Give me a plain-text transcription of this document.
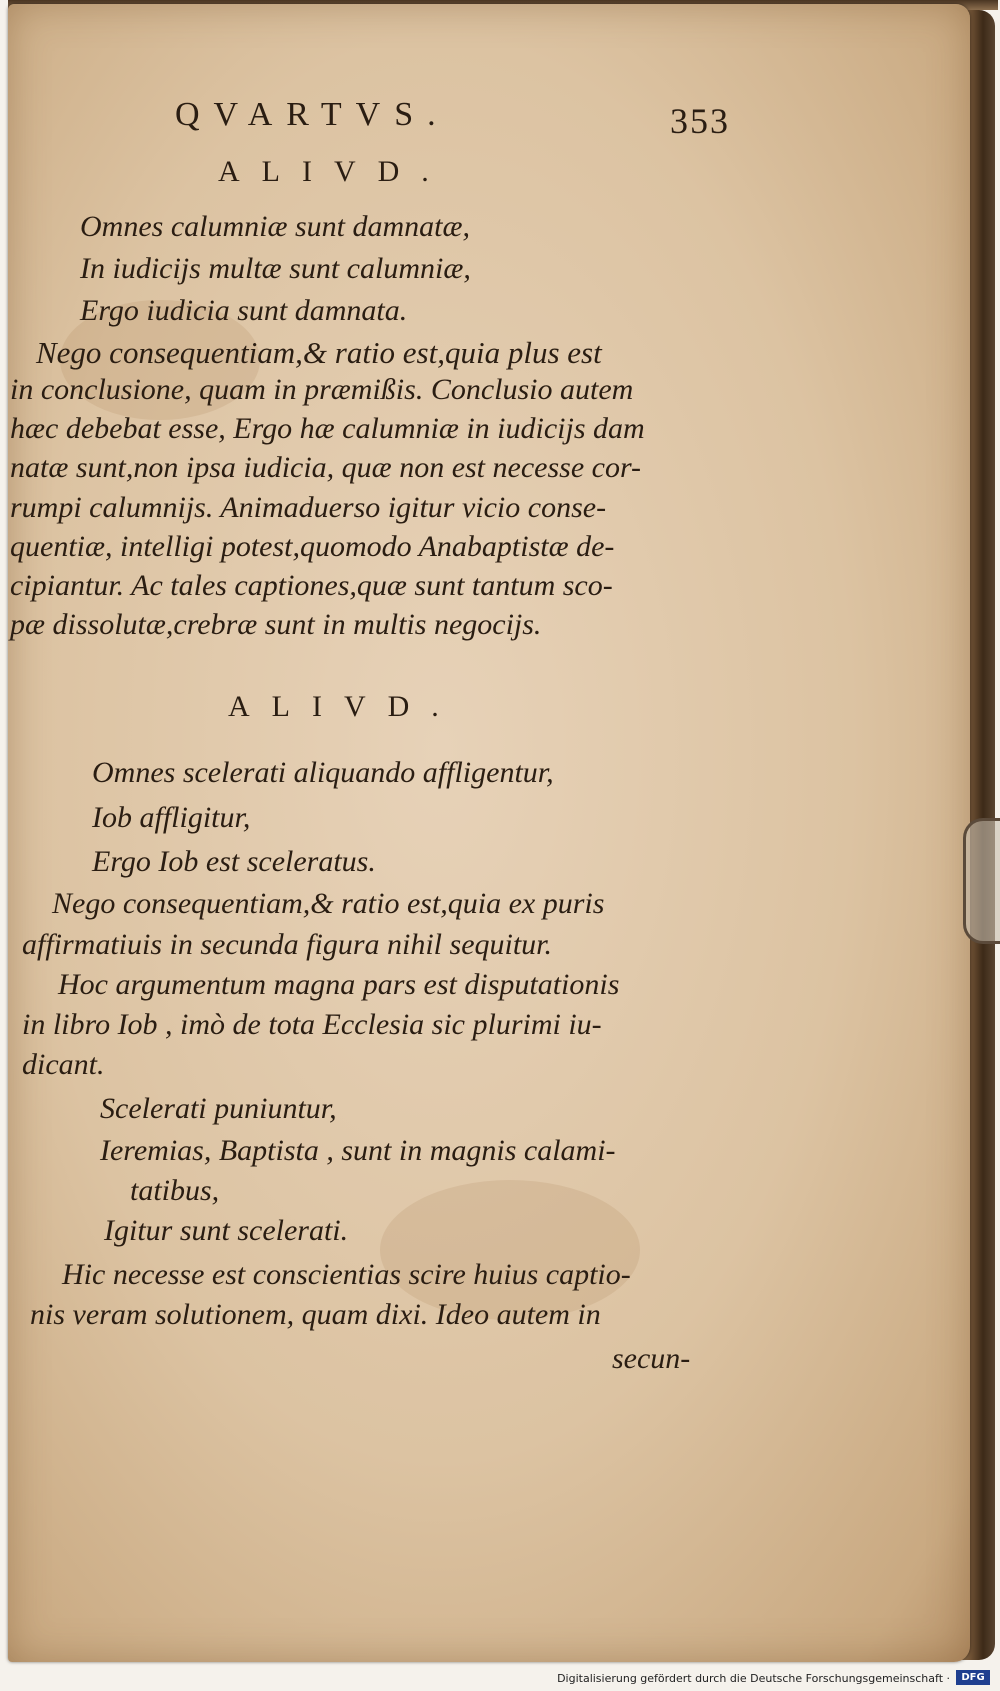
QVARTVS.	353
ALIVD.
Omnes calumniæ sunt damnatæ,
In iudicijs multæ sunt calumniæ,
Ergo iudicia sunt damnata.
Nego consequentiam,& ratio est,quia plus est
in conclusione, quam in præmißis. Conclusio autem
hæc debebat esse, Ergo hæ calumniæ in iudicijs dam
natæ sunt,non ipsa iudicia, quæ non est necesse cor-
rumpi calumnijs. Animaduerso igitur vicio conse-
quentiæ, intelligi potest,quomodo Anabaptistæ de-
cipiantur. Ac tales captiones,quæ sunt tantum sco-
pæ dissolutæ,crebræ sunt in multis negocijs.
ALIVD.
Omnes scelerati aliquando affligentur,
Iob affligitur,
Ergo Iob est sceleratus.
Nego consequentiam,& ratio est,quia ex puris
affirmatiuis in secunda figura nihil sequitur.
Hoc argumentum magna pars est disputationis
in libro Iob , imò de tota Ecclesia sic plurimi iu-
dicant.
Scelerati puniuntur,
Ieremias, Baptista , sunt in magnis calami-
tatibus,
Igitur sunt scelerati.
Hic necesse est conscientias scire huius captio-
nis veram solutionem, quam dixi. Ideo autem in
secun-
Digitalisierung gefördert durch die Deutsche Forschungsgemeinschaft ·	DFG
